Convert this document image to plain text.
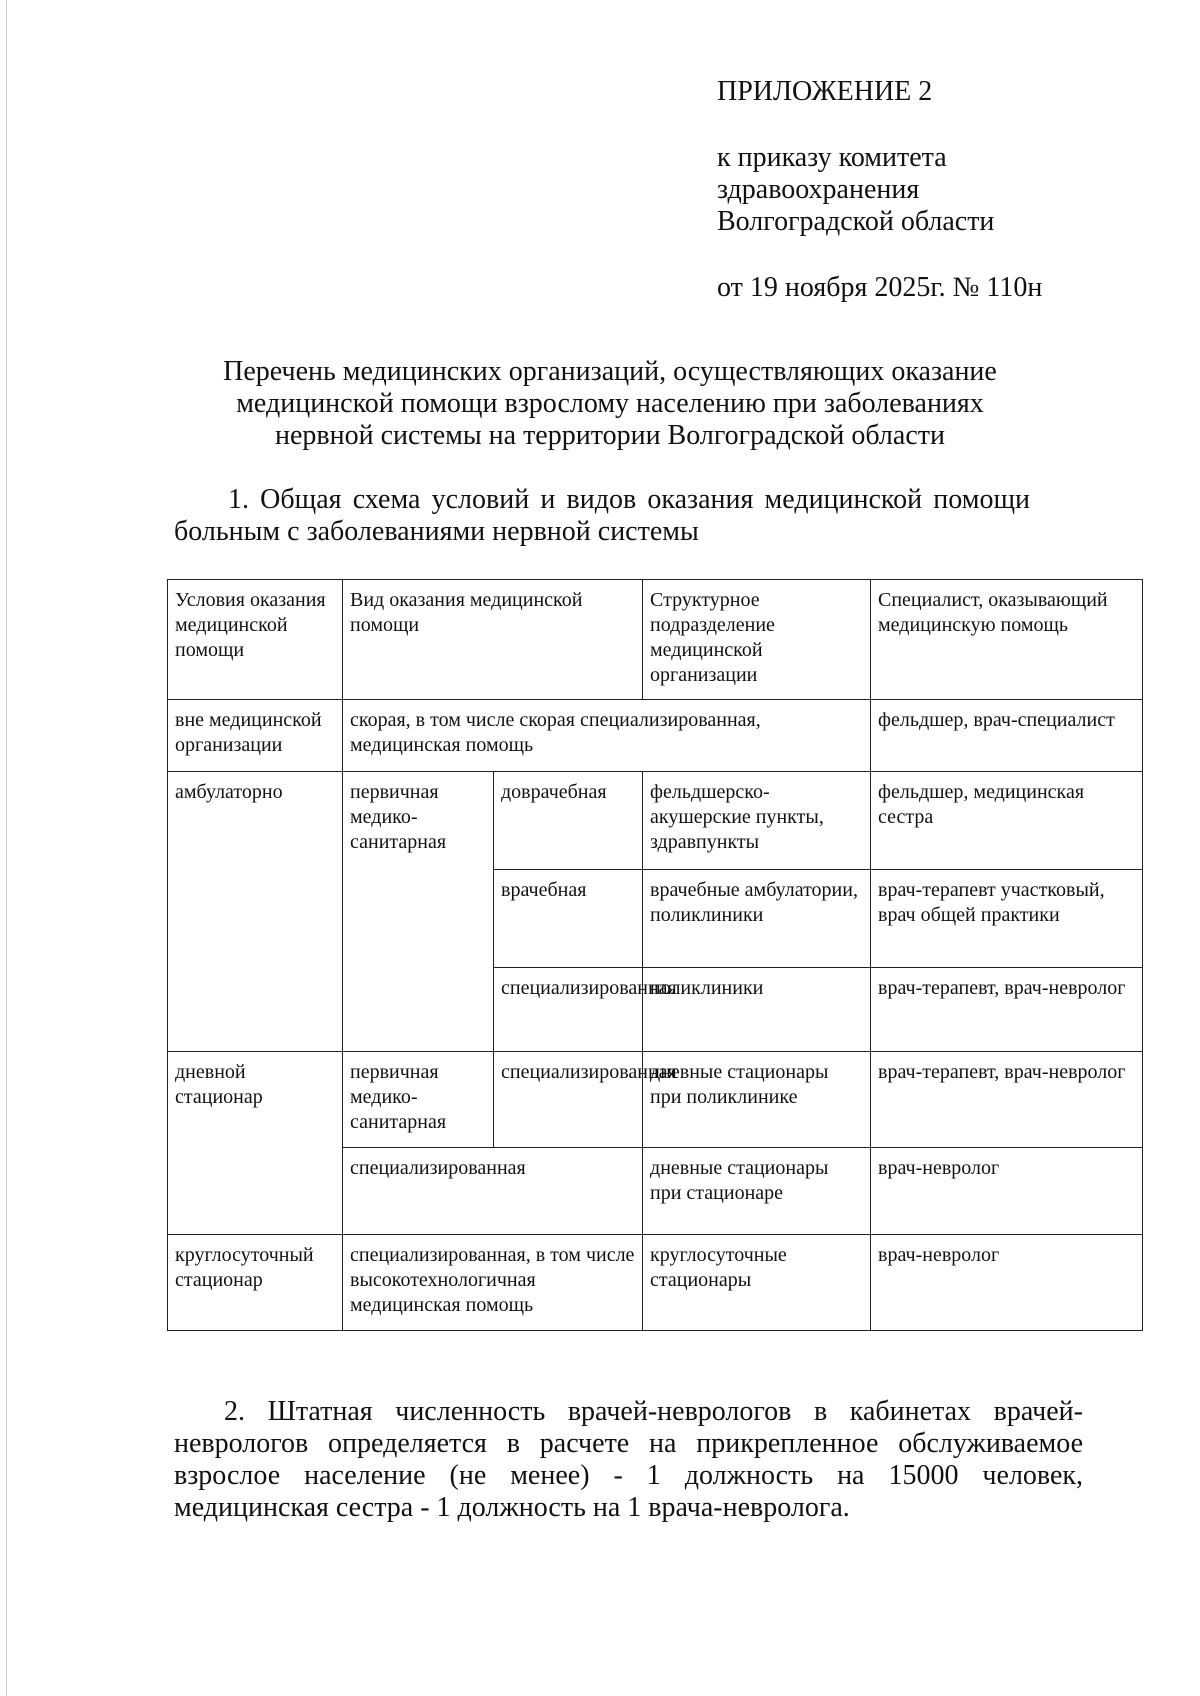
ПРИЛОЖЕНИЕ 2
к приказу комитета
здравоохранения
Волгоградской области
от 19 ноября 2025г. № 110н
Перечень медицинских организаций, осуществляющих оказание
медицинской помощи взрослому населению при заболеваниях
нервной системы на территории Волгоградской области
1. Общая схема условий и видов оказания медицинской помощи
больным с заболеваниями нервной системы
Условия оказания медицинской помощи	Вид оказания медицинской помощи		Структурное подразделение медицинской организации	Специалист, оказывающий медицинскую помощь
вне медицинской организации	скорая, в том числе скорая специализированная, медицинская помощь			фельдшер, врач-специалист
амбулаторно	первичная медико-санитарная	доврачебная	фельдшерско-акушерские пункты, здравпункты	фельдшер, медицинская сестра
		врачебная	врачебные амбулатории, поликлиники	врач-терапевт участковый, врач общей практики
		специализированная	поликлиники	врач-терапевт, врач-невролог
дневной стационар	первичная медико-санитарная	специализированная	дневные стационары при поликлинике	врач-терапевт, врач-невролог
	специализированная		дневные стационары при стационаре	врач-невролог
круглосуточный стационар	специализированная, в том числе высокотехнологичная медицинская помощь		круглосуточные стационары	врач-невролог
2. Штатная численность врачей-неврологов в кабинетах врачей-
неврологов определяется в расчете на прикрепленное обслуживаемое
взрослое население (не менее) - 1 должность на 15000 человек,
медицинская сестра - 1 должность на 1 врача-невролога.
